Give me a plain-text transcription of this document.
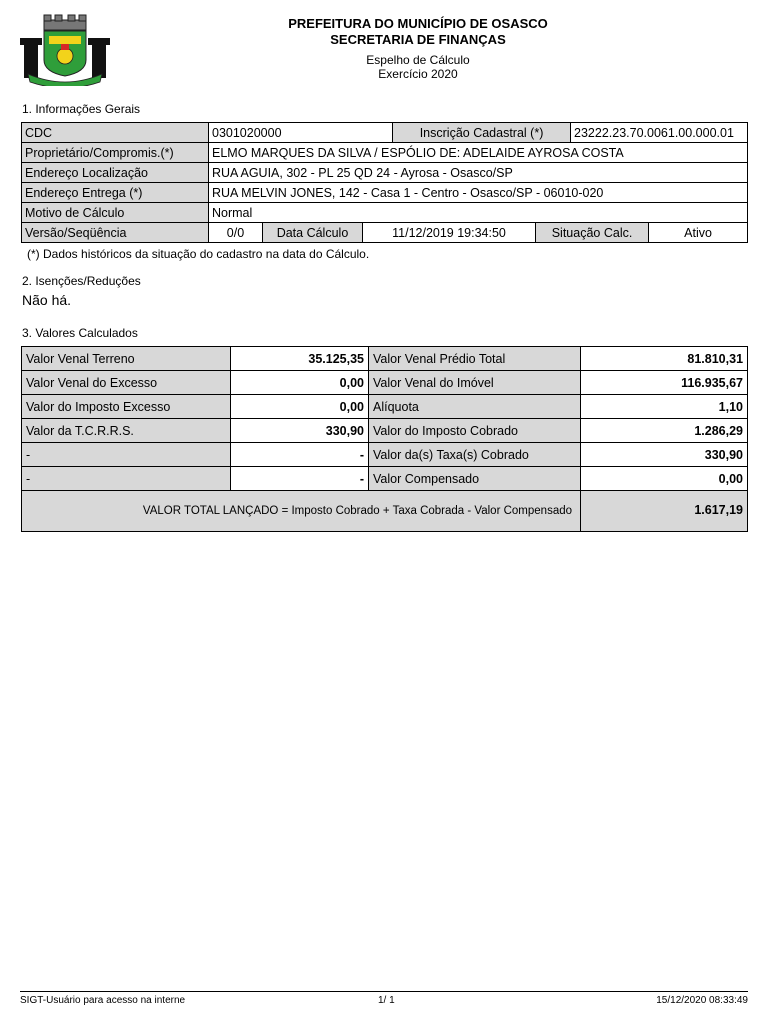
PREFEITURA DO MUNICÍPIO DE OSASCO
SECRETARIA DE FINANÇAS
Espelho de Cálculo
Exercício 2020
1. Informações Gerais
CDC	0301020000			Inscrição Cadastral (*)		23222.23.70.0061.00.000.01	
Proprietário/Compromis.(*)	ELMO MARQUES DA SILVA / ESPÓLIO DE: ADELAIDE AYROSA COSTA						
Endereço Localização	RUA AGUIA, 302 - PL 25 QD 24 - Ayrosa - Osasco/SP						
Endereço Entrega (*)	RUA MELVIN JONES, 142 - Casa 1 - Centro - Osasco/SP - 06010-020						
Motivo de Cálculo	Normal						
Versão/Seqüência	0/0	Data Cálculo	11/12/2019 19:34:50		Situação Calc.		Ativo
(*) Dados históricos da situação do cadastro na data do Cálculo.
2. Isenções/Reduções
Não há.
3. Valores Calculados
Valor Venal Terreno	35.125,35	Valor Venal Prédio Total	81.810,31
Valor Venal do Excesso	0,00	Valor Venal do Imóvel	116.935,67
Valor do Imposto Excesso	0,00	Alíquota	1,10
Valor da T.C.R.R.S.	330,90	Valor do Imposto Cobrado	1.286,29
-	-	Valor da(s) Taxa(s) Cobrado	330,90
-	-	Valor Compensado	0,00
VALOR TOTAL LANÇADO = Imposto Cobrado + Taxa Cobrada - Valor Compensado			1.617,19
SIGT-Usuário para acesso na interne	1/ 1	15/12/2020 08:33:49
